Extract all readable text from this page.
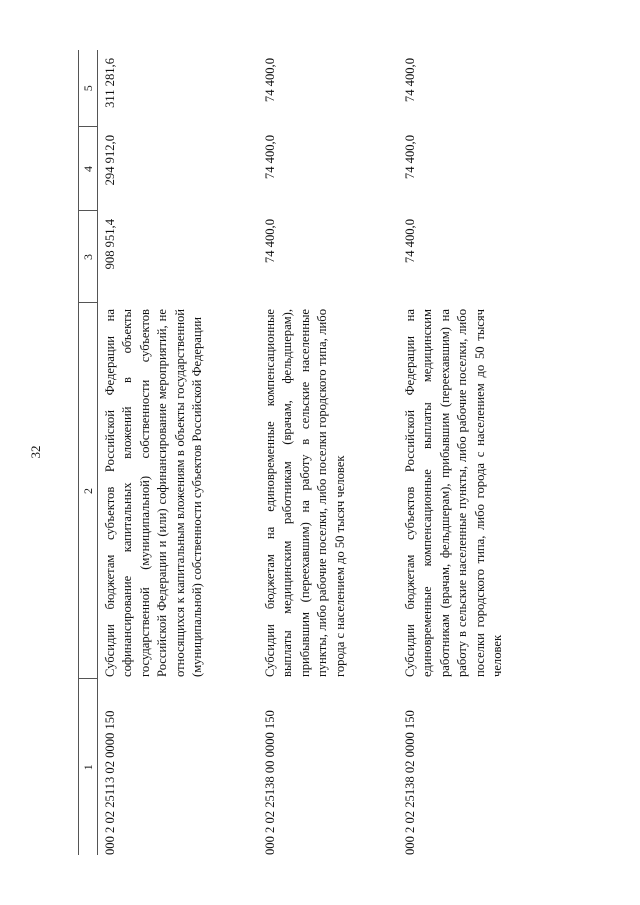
32
1	2	3	4	5
000 2 02 25113 02 0000 150	Субсидии бюджетам субъектов Российской Федерации на софинансирование капитальных вложений в объекты государственной (муниципальной) собственности субъектов Российской Федерации и (или) софинансирование мероприятий, не относящихся к капитальным вложениям в объекты государственной (муниципальной) собственности субъектов Российской Федерации	908 951,4	294 912,0	311 281,6
000 2 02 25138 00 0000 150	Субсидии бюджетам на единовременные компенсационные выплаты медицинским работникам (врачам, фельдшерам), прибывшим (переехавшим) на работу в сельские населенные пункты, либо рабочие поселки, либо поселки городского типа, либо города с населением до 50 тысяч человек	74 400,0	74 400,0	74 400,0
000 2 02 25138 02 0000 150	Субсидии бюджетам субъектов Российской Федерации на единовременные компенсационные выплаты медицинским работникам (врачам, фельдшерам), прибывшим (переехавшим) на работу в сельские населенные пункты, либо рабочие поселки, либо поселки городского типа, либо города с населением до 50 тысяч человек	74 400,0	74 400,0	74 400,0
